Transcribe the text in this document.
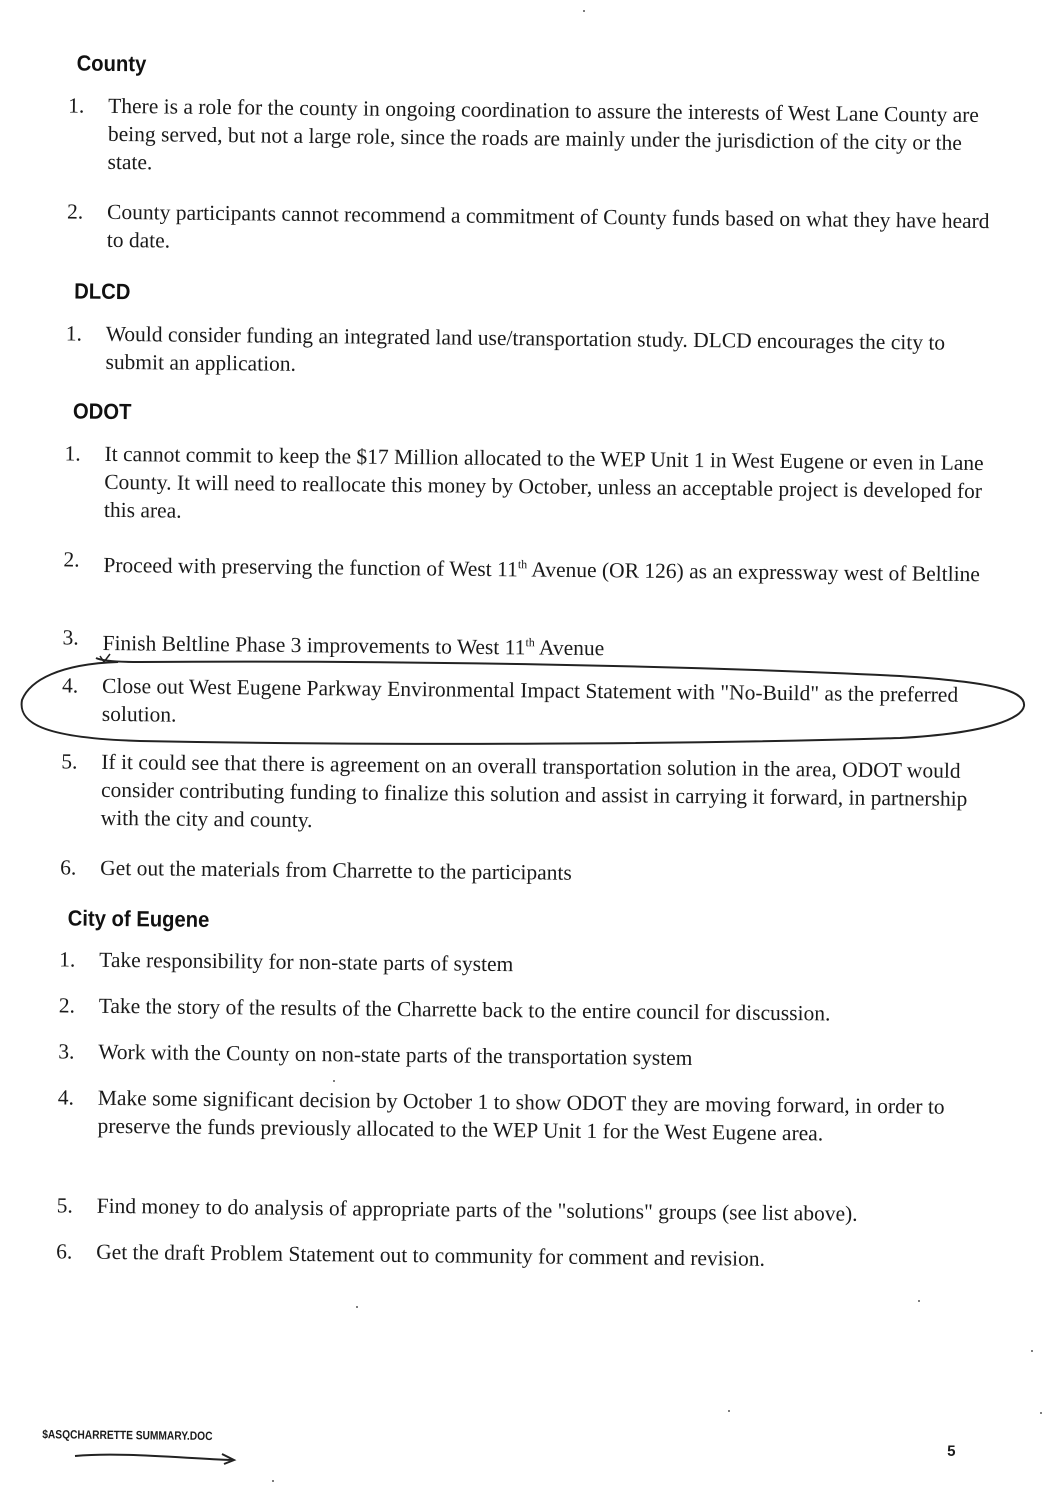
County
1.	There is a role for the county in ongoing coordination to assure the interests of West Lane County are being served, but not a large role, since the roads are mainly under the jurisdiction of the city or the state.
2.	County participants cannot recommend a commitment of County funds based on what they have heard to date.
DLCD
1.	Would consider funding an integrated land use/transportation study. DLCD encourages the city to submit an application.
ODOT
1.	It cannot commit to keep the $17 Million allocated to the WEP Unit 1 in West Eugene or even in Lane County. It will need to reallocate this money by October, unless an acceptable project is developed for this area.
2.	Proceed with preserving the function of West 11th Avenue (OR 126) as an expressway west of Beltline
3.	Finish Beltline Phase 3 improvements to West 11th Avenue
4.	Close out West Eugene Parkway Environmental Impact Statement with "No-Build" as the preferred solution.
5.	If it could see that there is agreement on an overall transportation solution in the area, ODOT would consider contributing funding to finalize this solution and assist in carrying it forward, in partnership with the city and county.
6.	Get out the materials from Charrette to the participants
City of Eugene
1.	Take responsibility for non-state parts of system
2.	Take the story of the results of the Charrette back to the entire council for discussion.
3.	Work with the County on non-state parts of the transportation system
4.	Make some significant decision by October 1 to show ODOT they are moving forward, in order to preserve the funds previously allocated to the WEP Unit 1 for the West Eugene area.
5.	Find money to do analysis of appropriate parts of the "solutions" groups (see list above).
6.	Get the draft Problem Statement out to community for comment and revision.
$ASQCHARRETTE SUMMARY.DOC
5
